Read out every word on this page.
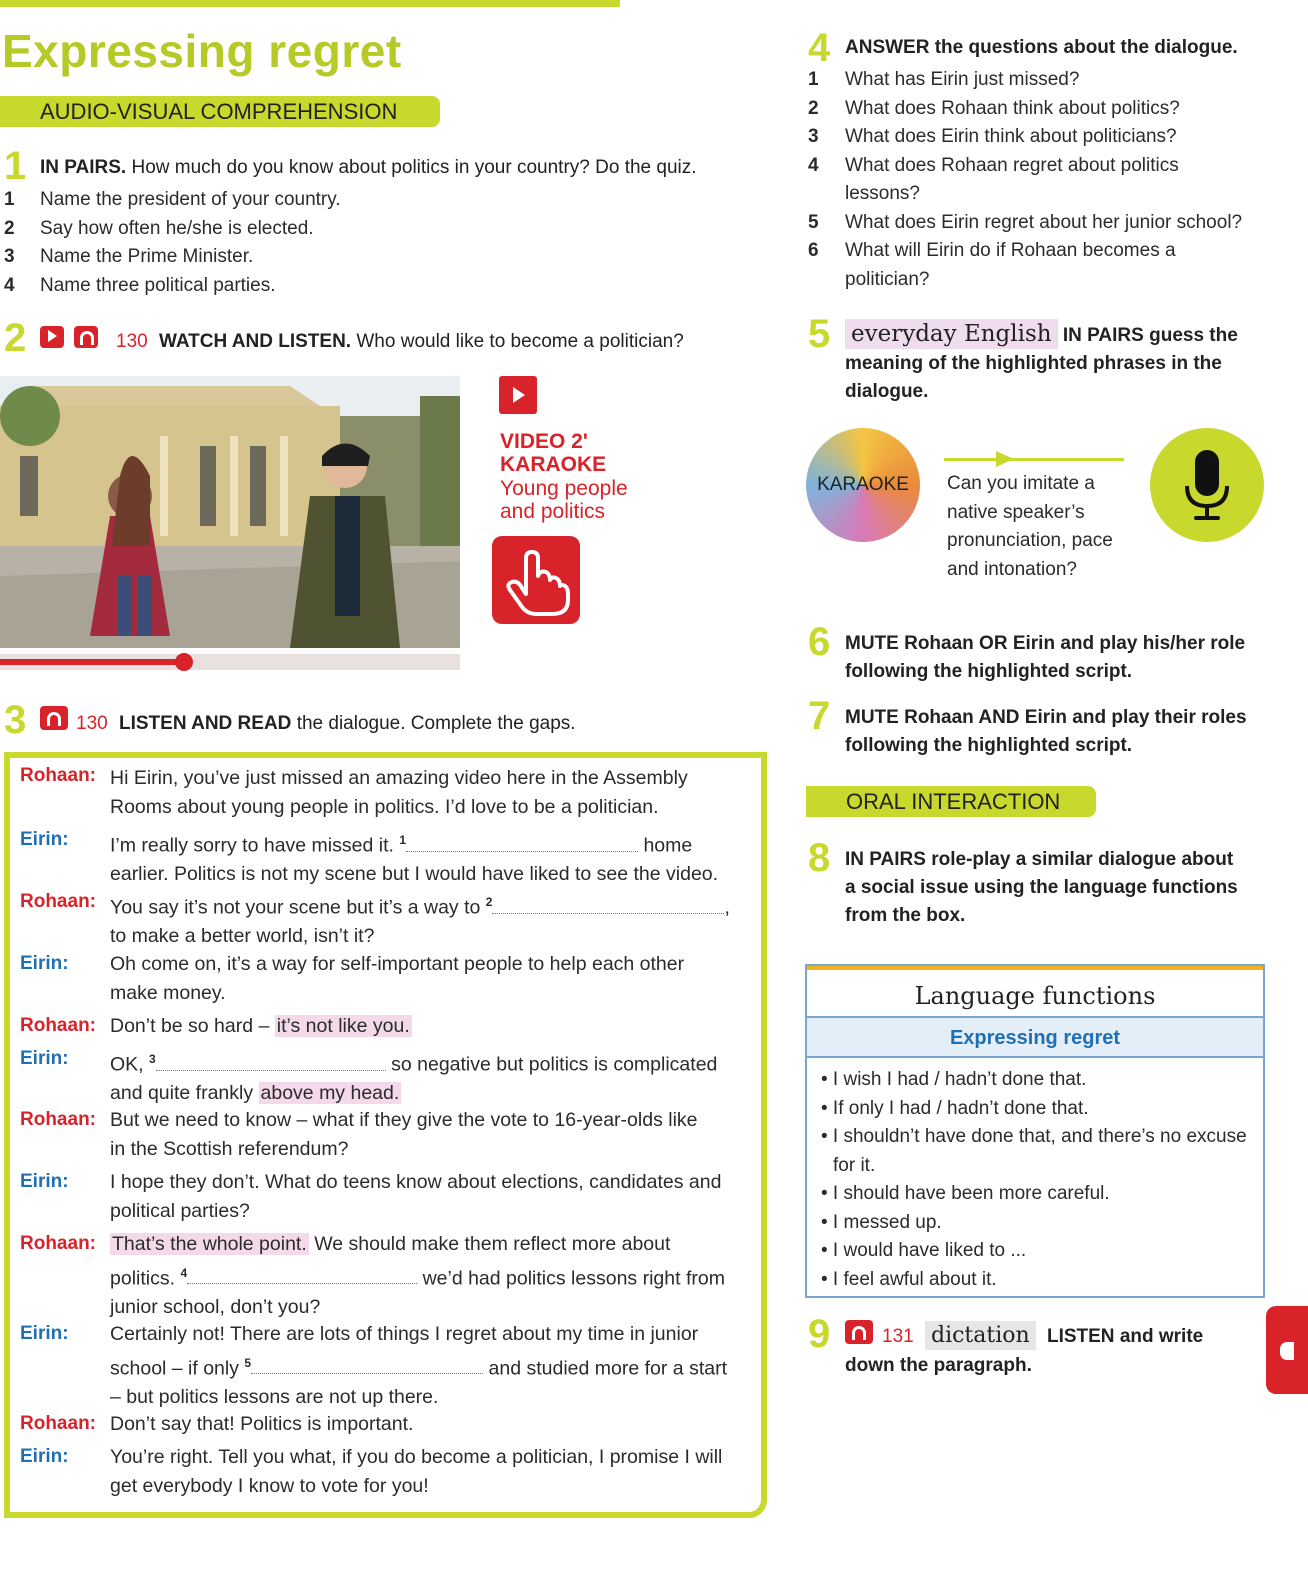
Expressing regret
AUDIO-VISUAL COMPREHENSION
1 IN PAIRS. How much do you know about politics in your country? Do the quiz.
1 Name the president of your country.
2 Say how often he/she is elected.
3 Name the Prime Minister.
4 Name three political parties.
2	130 WATCH AND LISTEN. Who would like to become a politician?
VIDEO 2'
KARAOKE
Young people
and politics
3	130 LISTEN AND READ the dialogue. Complete the gaps.
Rohaan: Hi Eirin, you’ve just missed an amazing video here in the Assembly
Rooms about young people in politics. I’d love to be a politician.
Eirin: I’m really sorry to have missed it. $^1$	home
earlier. Politics is not my scene but I would have liked to see the video.
Rohaan: You say it’s not your scene but it’s a way to $^2$	,
to make a better world, isn’t it?
Eirin: Oh come on, it’s a way for self-important people to help each other
make money.
Rohaan: Don’t be so hard – it’s not like you.
Eirin: OK, $^3$	so negative but politics is complicated
and quite frankly above my head.
Rohaan: But we need to know – what if they give the vote to 16-year-olds like
in the Scottish referendum?
Eirin: I hope they don’t. What do teens know about elections, candidates and
political parties?
Rohaan: That’s the whole point. We should make them reflect more about
politics. $^4$	we’d had politics lessons right from
junior school, don’t you?
Eirin: Certainly not! There are lots of things I regret about my time in junior
school – if only $^5$	and studied more for a start
– but politics lessons are not up there.
Rohaan: Don’t say that! Politics is important.
Eirin: You’re right. Tell you what, if you do become a politician, I promise I will
get everybody I know to vote for you!
4 ANSWER the questions about the dialogue.
1 What has Eirin just missed?
2 What does Rohaan think about politics?
3 What does Eirin think about politicians?
4 What does Rohaan regret about politics
lessons?
5 What does Eirin regret about her junior school?
6 What will Eirin do if Rohaan becomes a
politician?
5 everyday English IN PAIRS guess the
meaning of the highlighted phrases in the
dialogue.
KARAOKE	Can you imitate a
native speaker’s
pronunciation, pace
and intonation?
6 MUTE Rohaan OR Eirin and play his/her role
following the highlighted script.
7 MUTE Rohaan AND Eirin and play their roles
following the highlighted script.
ORAL INTERACTION
8 IN PAIRS role-play a similar dialogue about
a social issue using the language functions
from the box.
Language functions
Expressing regret
• I wish I had / hadn’t done that.
• If only I had / hadn’t done that.
• I shouldn’t have done that, and there’s no excuse for it.
• I should have been more careful.
• I messed up.
• I would have liked to ...
• I feel awful about it.
9	131 dictation LISTEN and write
down the paragraph.
